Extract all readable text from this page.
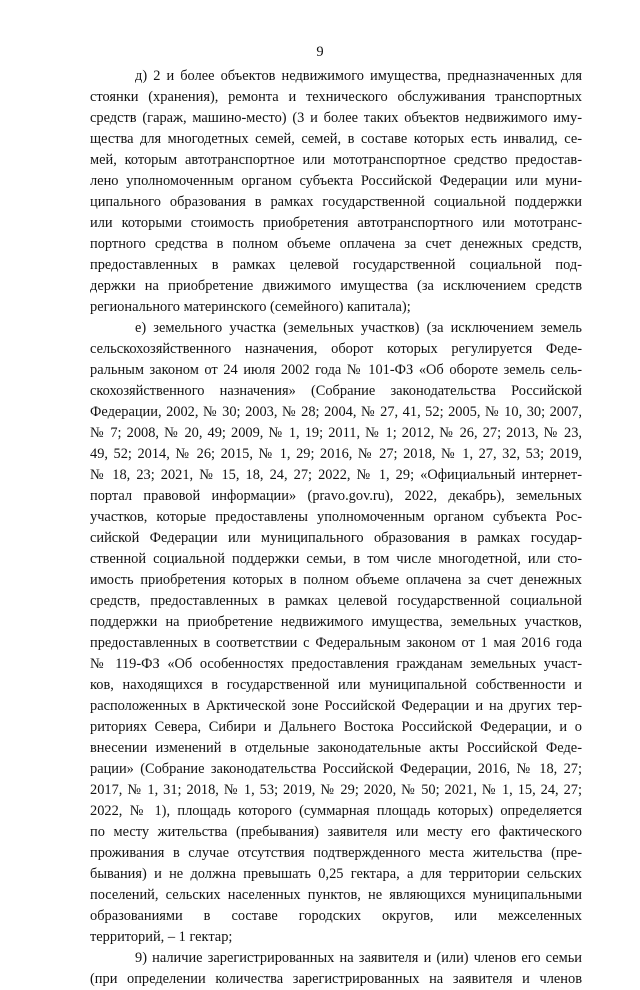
9
д) 2 и более объектов недвижимого имущества, предназначенных для
стоянки (хранения), ремонта и технического обслуживания транспортных
средств (гараж, машино-место) (3 и более таких объектов недвижимого иму-
щества для многодетных семей, семей, в составе которых есть инвалид, се-
мей, которым автотранспортное или мототранспортное средство предостав-
лено уполномоченным органом субъекта Российской Федерации или муни-
ципального образования в рамках государственной социальной поддержки
или которыми стоимость приобретения автотранспортного или мототранс-
портного средства в полном объеме оплачена за счет денежных средств,
предоставленных в рамках целевой государственной социальной под-
держки на приобретение движимого имущества (за исключением средств
регионального материнского (семейного) капитала);
е) земельного участка (земельных участков) (за исключением земель
сельскохозяйственного назначения, оборот которых регулируется Феде-
ральным законом от 24 июля 2002 года № 101-ФЗ «Об обороте земель сель-
скохозяйственного назначения» (Собрание законодательства Российской
Федерации, 2002, № 30; 2003, № 28; 2004, № 27, 41, 52; 2005, № 10, 30; 2007,
№ 7; 2008, № 20, 49; 2009, № 1, 19; 2011, № 1; 2012, № 26, 27; 2013, № 23,
49, 52; 2014, № 26; 2015, № 1, 29; 2016, № 27; 2018, № 1, 27, 32, 53; 2019,
№ 18, 23; 2021, № 15, 18, 24, 27; 2022, № 1, 29; «Официальный интернет-
портал правовой информации» (pravo.gov.ru), 2022, декабрь), земельных
участков, которые предоставлены уполномоченным органом субъекта Рос-
сийской Федерации или муниципального образования в рамках государ-
ственной социальной поддержки семьи, в том числе многодетной, или сто-
имость приобретения которых в полном объеме оплачена за счет денежных
средств, предоставленных в рамках целевой государственной социальной
поддержки на приобретение недвижимого имущества, земельных участков,
предоставленных в соответствии с Федеральным законом от 1 мая 2016 года
№ 119-ФЗ «Об особенностях предоставления гражданам земельных участ-
ков, находящихся в государственной или муниципальной собственности и
расположенных в Арктической зоне Российской Федерации и на других тер-
риториях Севера, Сибири и Дальнего Востока Российской Федерации, и о
внесении изменений в отдельные законодательные акты Российской Феде-
рации» (Собрание законодательства Российской Федерации, 2016, № 18, 27;
2017, № 1, 31; 2018, № 1, 53; 2019, № 29; 2020, № 50; 2021, № 1, 15, 24, 27;
2022, № 1), площадь которого (суммарная площадь которых) определяется
по месту жительства (пребывания) заявителя или месту его фактического
проживания в случае отсутствия подтвержденного места жительства (пре-
бывания) и не должна превышать 0,25 гектара, а для территории сельских
поселений, сельских населенных пунктов, не являющихся муниципальными
образованиями в составе городских округов, или межселенных
территорий, – 1 гектар;
9) наличие зарегистрированных на заявителя и (или) членов его семьи
(при определении количества зарегистрированных на заявителя и членов
